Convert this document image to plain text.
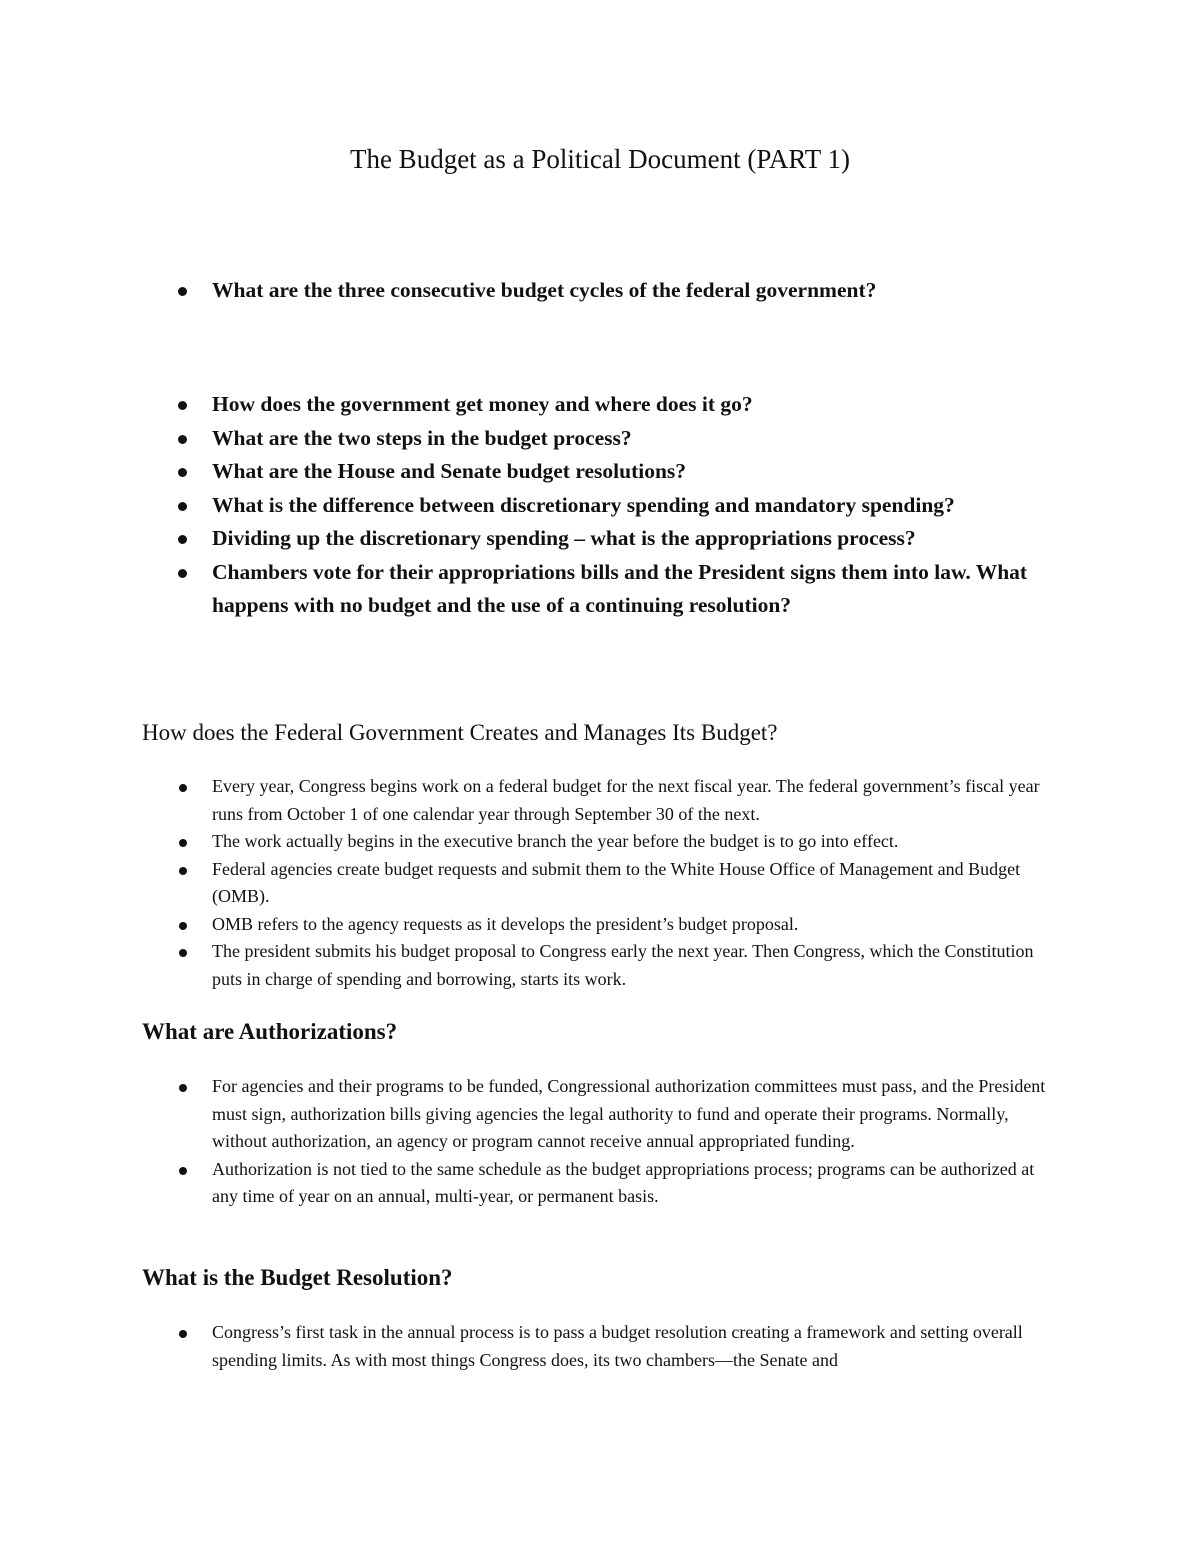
The Budget as a Political Document (PART 1)
What are the three consecutive budget cycles of the federal government?
How does the government get money and where does it go?
What are the two steps in the budget process?
What are the House and Senate budget resolutions?
What is the difference between discretionary spending and mandatory spending?
Dividing up the discretionary spending – what is the appropriations process?
Chambers vote for their appropriations bills and the President signs them into law. What happens with no budget and the use of a continuing resolution?
How does the Federal Government Creates and Manages Its Budget?
Every year, Congress begins work on a federal budget for the next fiscal year. The federal government’s fiscal year runs from October 1 of one calendar year through September 30 of the next.
The work actually begins in the executive branch the year before the budget is to go into effect.
Federal agencies create budget requests and submit them to the White House Office of Management and Budget (OMB).
OMB refers to the agency requests as it develops the president’s budget proposal.
The president submits his budget proposal to Congress early the next year. Then Congress, which the Constitution puts in charge of spending and borrowing, starts its work.
What are Authorizations?
For agencies and their programs to be funded, Congressional authorization committees must pass, and the President must sign, authorization bills giving agencies the legal authority to fund and operate their programs. Normally, without authorization, an agency or program cannot receive annual appropriated funding.
Authorization is not tied to the same schedule as the budget appropriations process; programs can be authorized at any time of year on an annual, multi-year, or permanent basis.
What is the Budget Resolution?
Congress’s first task in the annual process is to pass a budget resolution creating a framework and setting overall spending limits. As with most things Congress does, its two chambers—the Senate and
